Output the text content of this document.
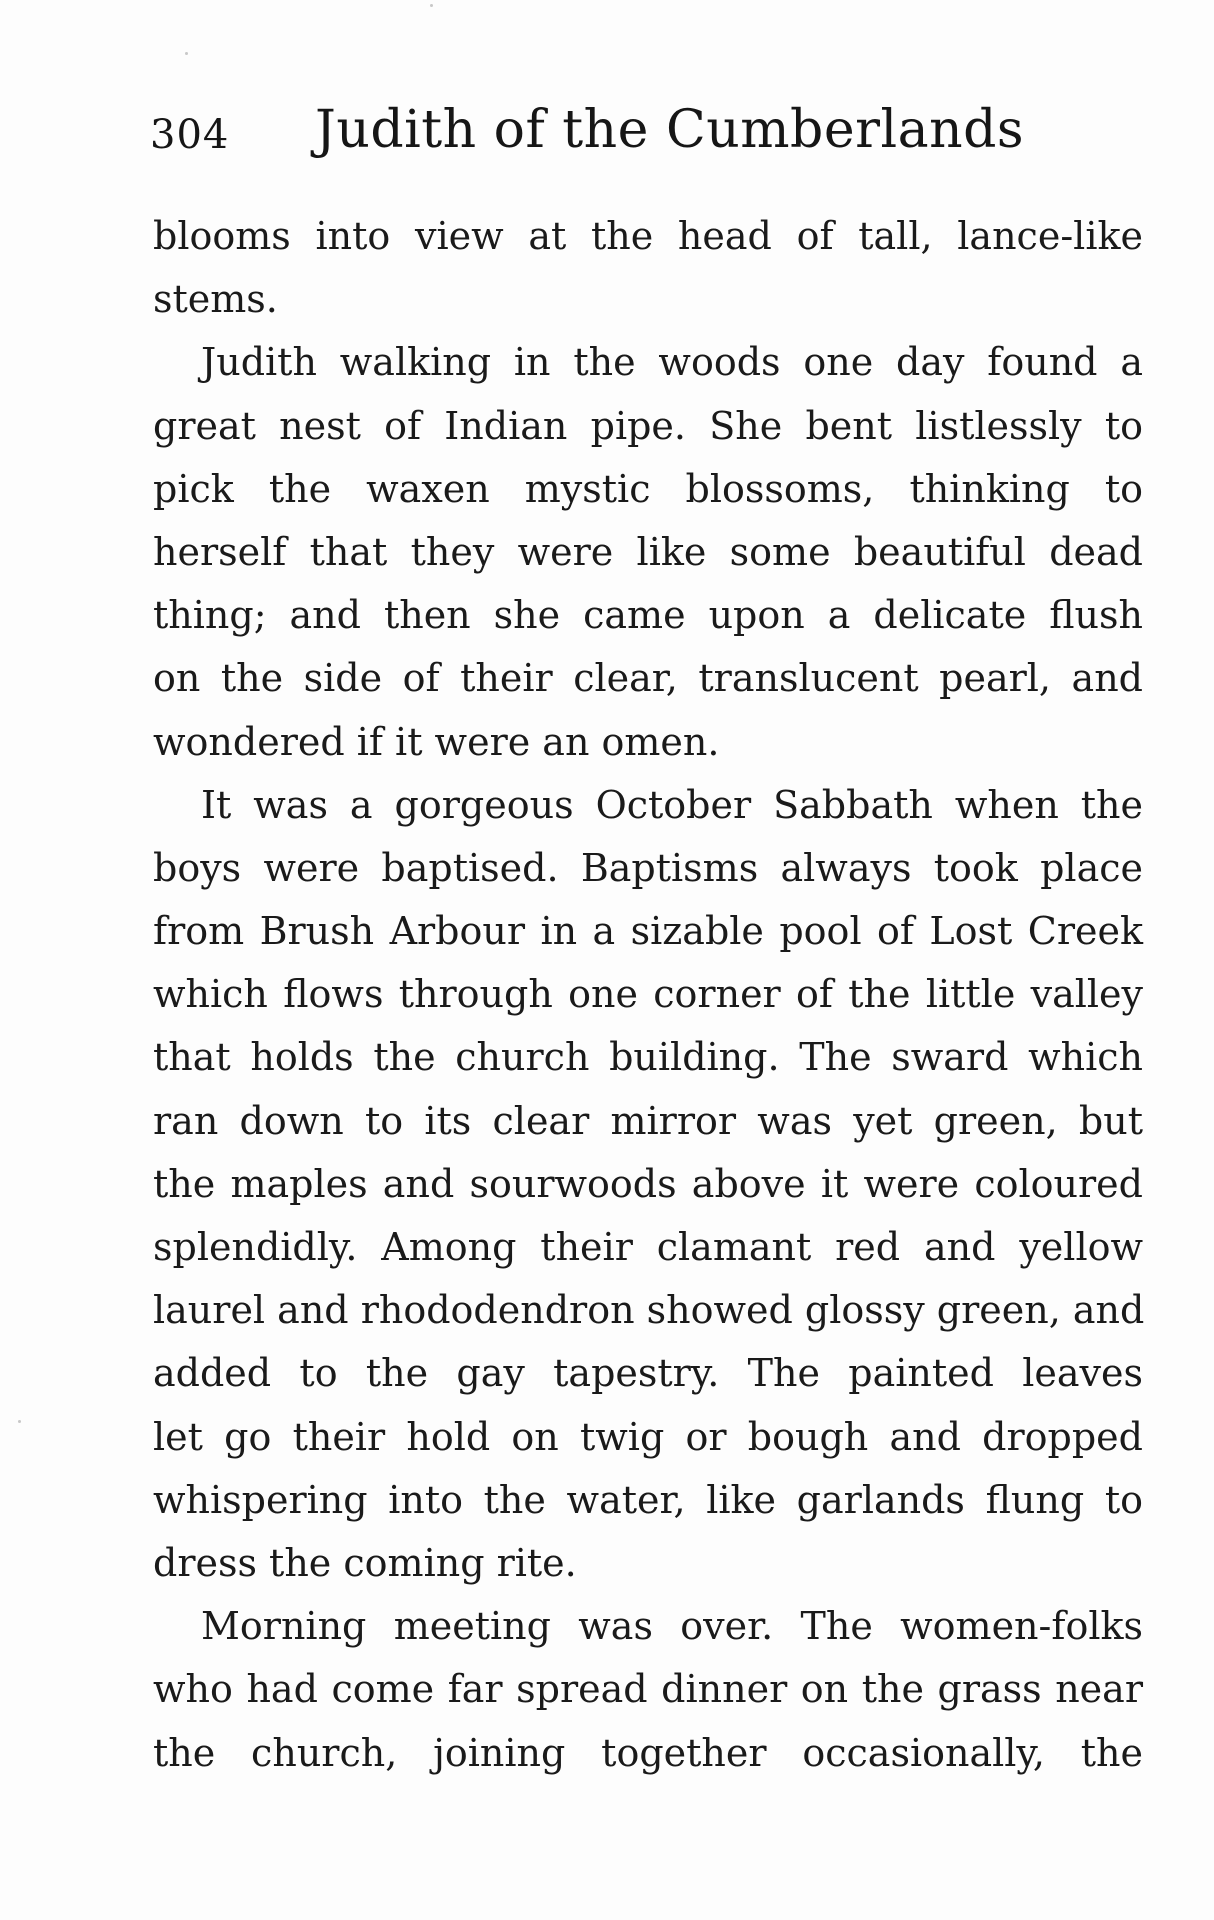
304 Judith of the Cumberlands
blooms into view at the head of tall, lance-like
stems.
Judith walking in the woods one day found a
great nest of Indian pipe. She bent listlessly to
pick the waxen mystic blossoms, thinking to
herself that they were like some beautiful dead
thing; and then she came upon a delicate flush
on the side of their clear, translucent pearl, and
wondered if it were an omen.
It was a gorgeous October Sabbath when the
boys were baptised. Baptisms always took place
from Brush Arbour in a sizable pool of Lost Creek
which flows through one corner of the little valley
that holds the church building. The sward which
ran down to its clear mirror was yet green, but
the maples and sourwoods above it were coloured
splendidly. Among their clamant red and yellow
laurel and rhododendron showed glossy green, and
added to the gay tapestry. The painted leaves
let go their hold on twig or bough and dropped
whispering into the water, like garlands flung to
dress the coming rite.
Morning meeting was over. The women-folks
who had come far spread dinner on the grass near
the church, joining together occasionally, the
